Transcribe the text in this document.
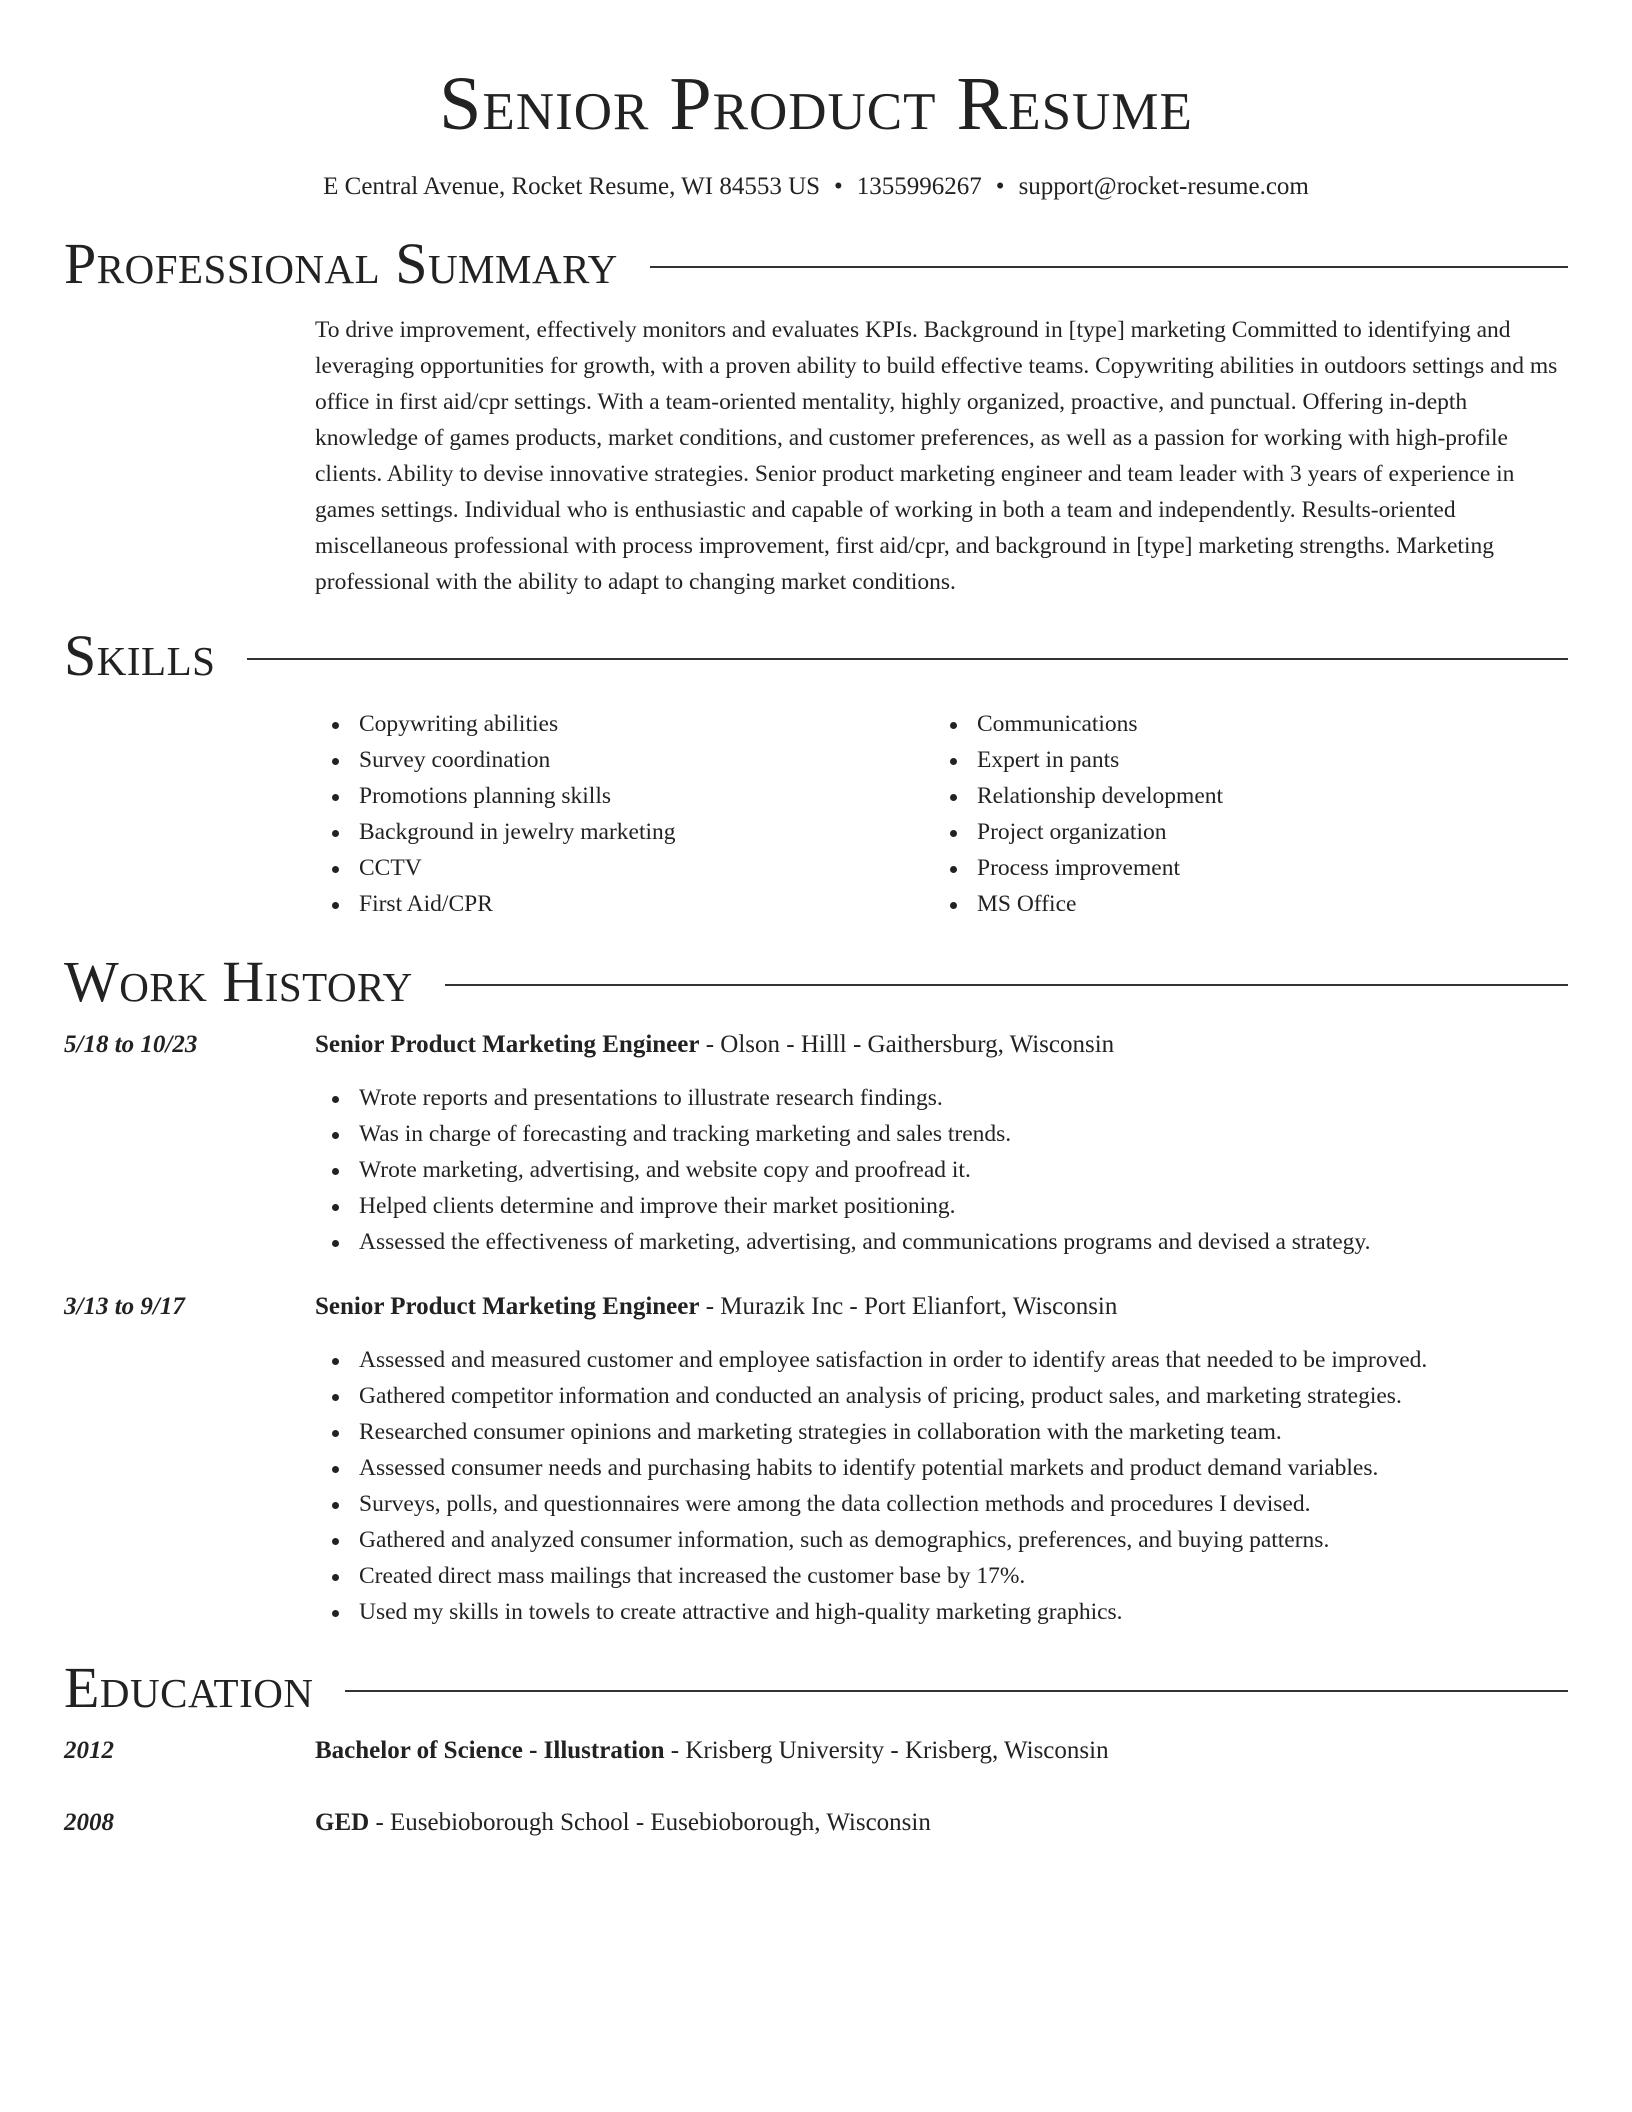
Senior Product Resume
E Central Avenue, Rocket Resume, WI 84553 US • 1355996267 • support@rocket-resume.com
Professional Summary

To drive improvement, effectively monitors and evaluates KPIs. Background in [type] marketing Committed to identifying and leveraging opportunities for growth, with a proven ability to build effective teams. Copywriting abilities in outdoors settings and ms office in first aid/cpr settings. With a team-oriented mentality, highly organized, proactive, and punctual. Offering in-depth knowledge of games products, market conditions, and customer preferences, as well as a passion for working with high-profile clients. Ability to devise innovative strategies. Senior product marketing engineer and team leader with 3 years of experience in games settings. Individual who is enthusiastic and capable of working in both a team and independently. Results-oriented miscellaneous professional with process improvement, first aid/cpr, and background in [type] marketing strengths. Marketing professional with the ability to adapt to changing market conditions.

Skills
Copywriting abilities
Survey coordination
Promotions planning skills
Background in jewelry marketing
CCTV
First Aid/CPR
Communications
Expert in pants
Relationship development
Project organization
Process improvement
MS Office
Work History
5/18 to 10/23	Senior Product Marketing Engineer - Olson - Hilll - Gaithersburg, Wisconsin
Wrote reports and presentations to illustrate research findings.
Was in charge of forecasting and tracking marketing and sales trends.
Wrote marketing, advertising, and website copy and proofread it.
Helped clients determine and improve their market positioning.
Assessed the effectiveness of marketing, advertising, and communications programs and devised a strategy.
3/13 to 9/17	Senior Product Marketing Engineer - Murazik Inc - Port Elianfort, Wisconsin
Assessed and measured customer and employee satisfaction in order to identify areas that needed to be improved.
Gathered competitor information and conducted an analysis of pricing, product sales, and marketing strategies.
Researched consumer opinions and marketing strategies in collaboration with the marketing team.
Assessed consumer needs and purchasing habits to identify potential markets and product demand variables.
Surveys, polls, and questionnaires were among the data collection methods and procedures I devised.
Gathered and analyzed consumer information, such as demographics, preferences, and buying patterns.
Created direct mass mailings that increased the customer base by 17%.
Used my skills in towels to create attractive and high-quality marketing graphics.
Education
2012	Bachelor of Science - Illustration - Krisberg University - Krisberg, Wisconsin
2008	GED - Eusebioborough School - Eusebioborough, Wisconsin
